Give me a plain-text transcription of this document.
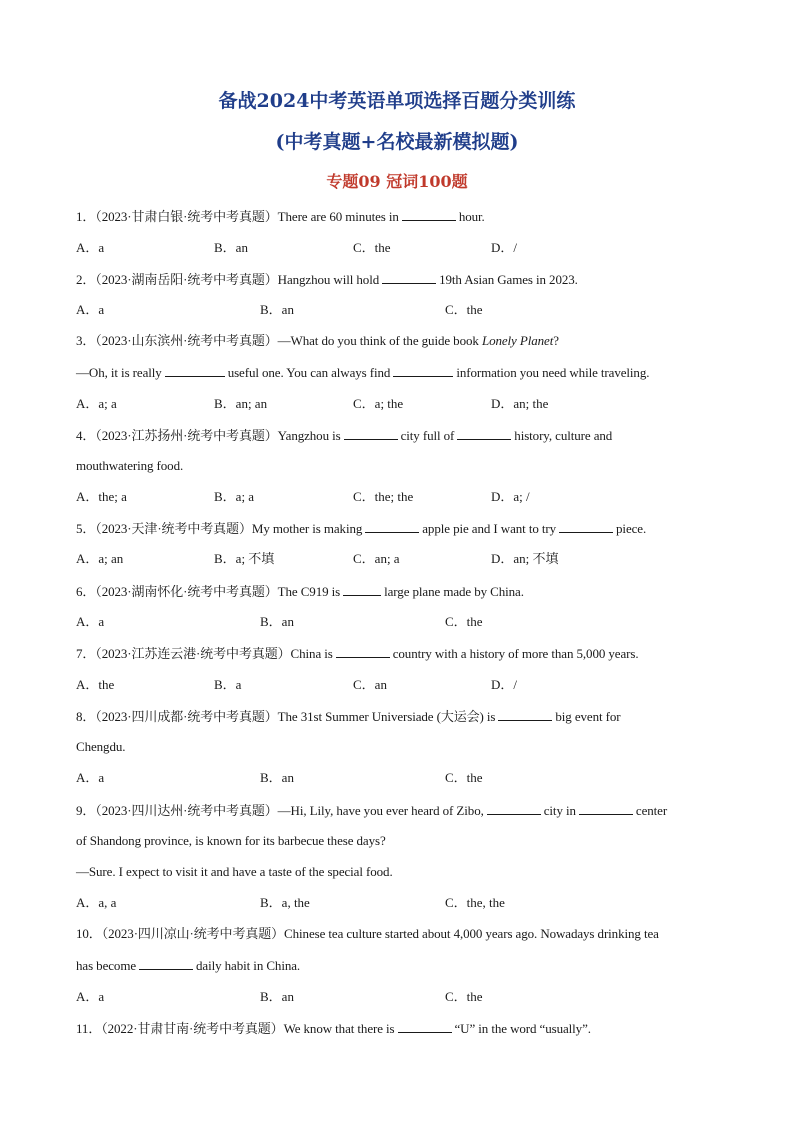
备战2024中考英语单项选择百题分类训练
(中考真题+名校最新模拟题)
专题09 冠词100题
1．（2023·甘肃白银·统考中考真题）There are 60 minutes in	hour.
A．a	B．an	C．the	D．/
2．（2023·湖南岳阳·统考中考真题）Hangzhou will hold	19th Asian Games in 2023.
A．a	B．an	C．the
3．（2023·山东滨州·统考中考真题）—What do you think of the guide book Lonely Planet?
—Oh, it is really	useful one. You can always find	information you need while traveling.
A．a; a	B．an; an	C．a; the	D．an; the
4．（2023·江苏扬州·统考中考真题）Yangzhou is	city full of	history, culture and
mouthwatering food.
A．the; a	B．a; a	C．the; the	D．a; /
5．（2023·天津·统考中考真题）My mother is making	apple pie and I want to try	piece.
A．a; an	B．a; 不填	C．an; a	D．an; 不填
6．（2023·湖南怀化·统考中考真题）The C919 is	large plane made by China.
A．a	B．an	C．the
7．（2023·江苏连云港·统考中考真题）China is	country with a history of more than 5,000 years.
A．the	B．a	C．an	D．/
8．（2023·四川成都·统考中考真题）The 31st Summer Universiade (大运会) is	big event for
Chengdu.
A．a	B．an	C．the
9．（2023·四川达州·统考中考真题）—Hi, Lily, have you ever heard of Zibo,	city in	center
of Shandong province, is known for its barbecue these days?
—Sure. I expect to visit it and have a taste of the special food.
A．a, a	B．a, the	C．the, the
10．（2023·四川凉山·统考中考真题）Chinese tea culture started about 4,000 years ago. Nowadays drinking tea
has become	daily habit in China.
A．a	B．an	C．the
11．（2022·甘肃甘南·统考中考真题）We know that there is	“U” in the word “usually”.
